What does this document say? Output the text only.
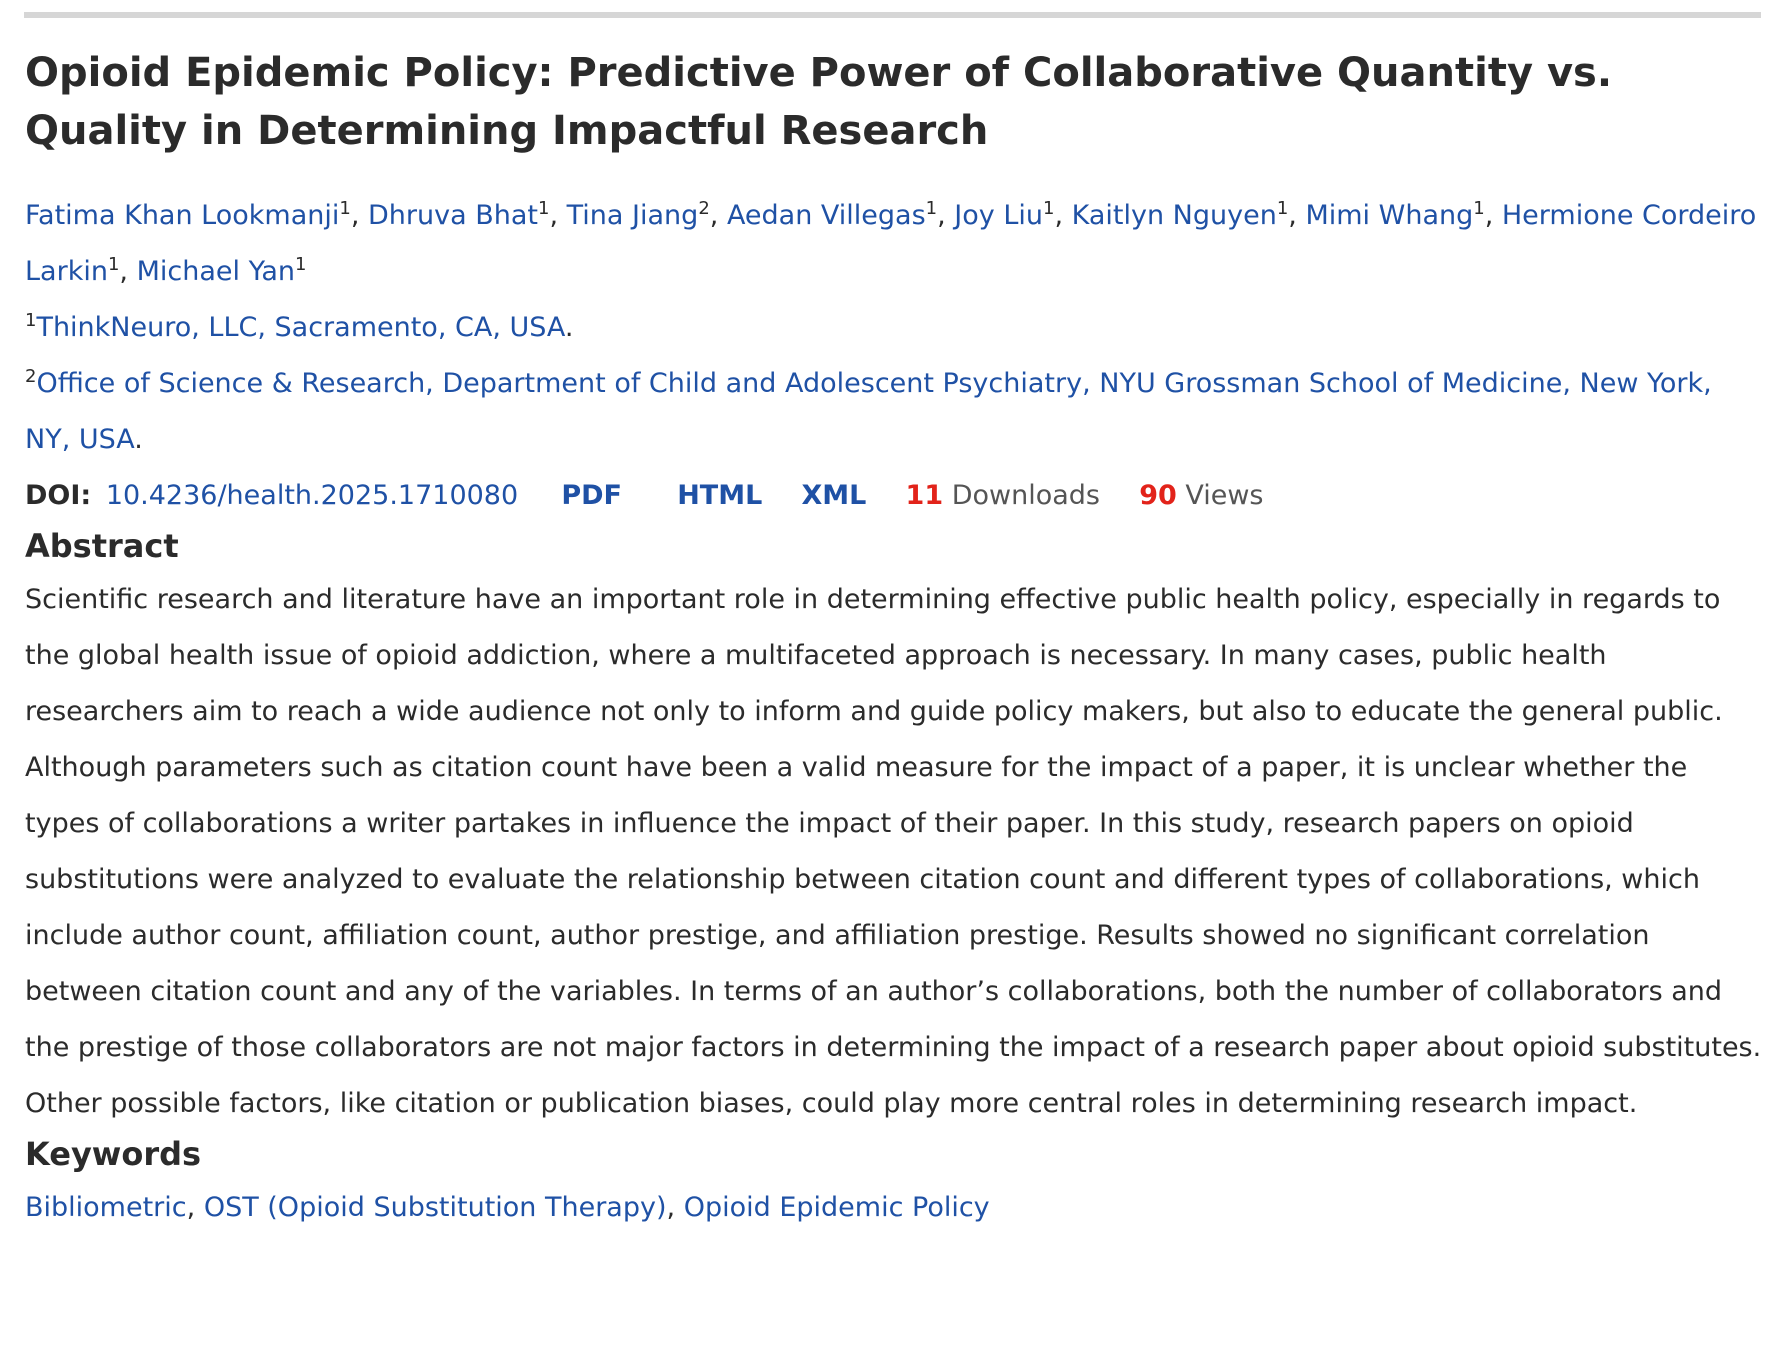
Opioid Epidemic Policy: Predictive Power of Collaborative Quantity vs. Quality in Determining Impactful Research
Fatima Khan Lookmanji$^1$, Dhruva Bhat$^1$, Tina Jiang$^2$, Aedan Villegas$^1$, Joy Liu$^1$, Kaitlyn Nguyen$^1$, Mimi Whang$^1$, Hermione Cordeiro Larkin$^1$, Michael Yan$^1$
$^1$ThinkNeuro, LLC, Sacramento, CA, USA.
$^2$Office of Science & Research, Department of Child and Adolescent Psychiatry, NYU Grossman School of Medicine, New York, NY, USA.
DOI: 10.4236/health.2025.1710080 PDF HTML XML 11 Downloads 90 Views
Abstract
Scientific research and literature have an important role in determining effective public health policy, especially in regards to the global health issue of opioid addiction, where a multifaceted approach is necessary. In many cases, public health researchers aim to reach a wide audience not only to inform and guide policy makers, but also to educate the general public. Although parameters such as citation count have been a valid measure for the impact of a paper, it is unclear whether the types of collaborations a writer partakes in influence the impact of their paper. In this study, research papers on opioid substitutions were analyzed to evaluate the relationship between citation count and different types of collaborations, which include author count, affiliation count, author prestige, and affiliation prestige. Results showed no significant correlation between citation count and any of the variables. In terms of an author’s collaborations, both the number of collaborators and the prestige of those collaborators are not major factors in determining the impact of a research paper about opioid substitutes. Other possible factors, like citation or publication biases, could play more central roles in determining research impact.
Keywords
Bibliometric, OST (Opioid Substitution Therapy), Opioid Epidemic Policy
